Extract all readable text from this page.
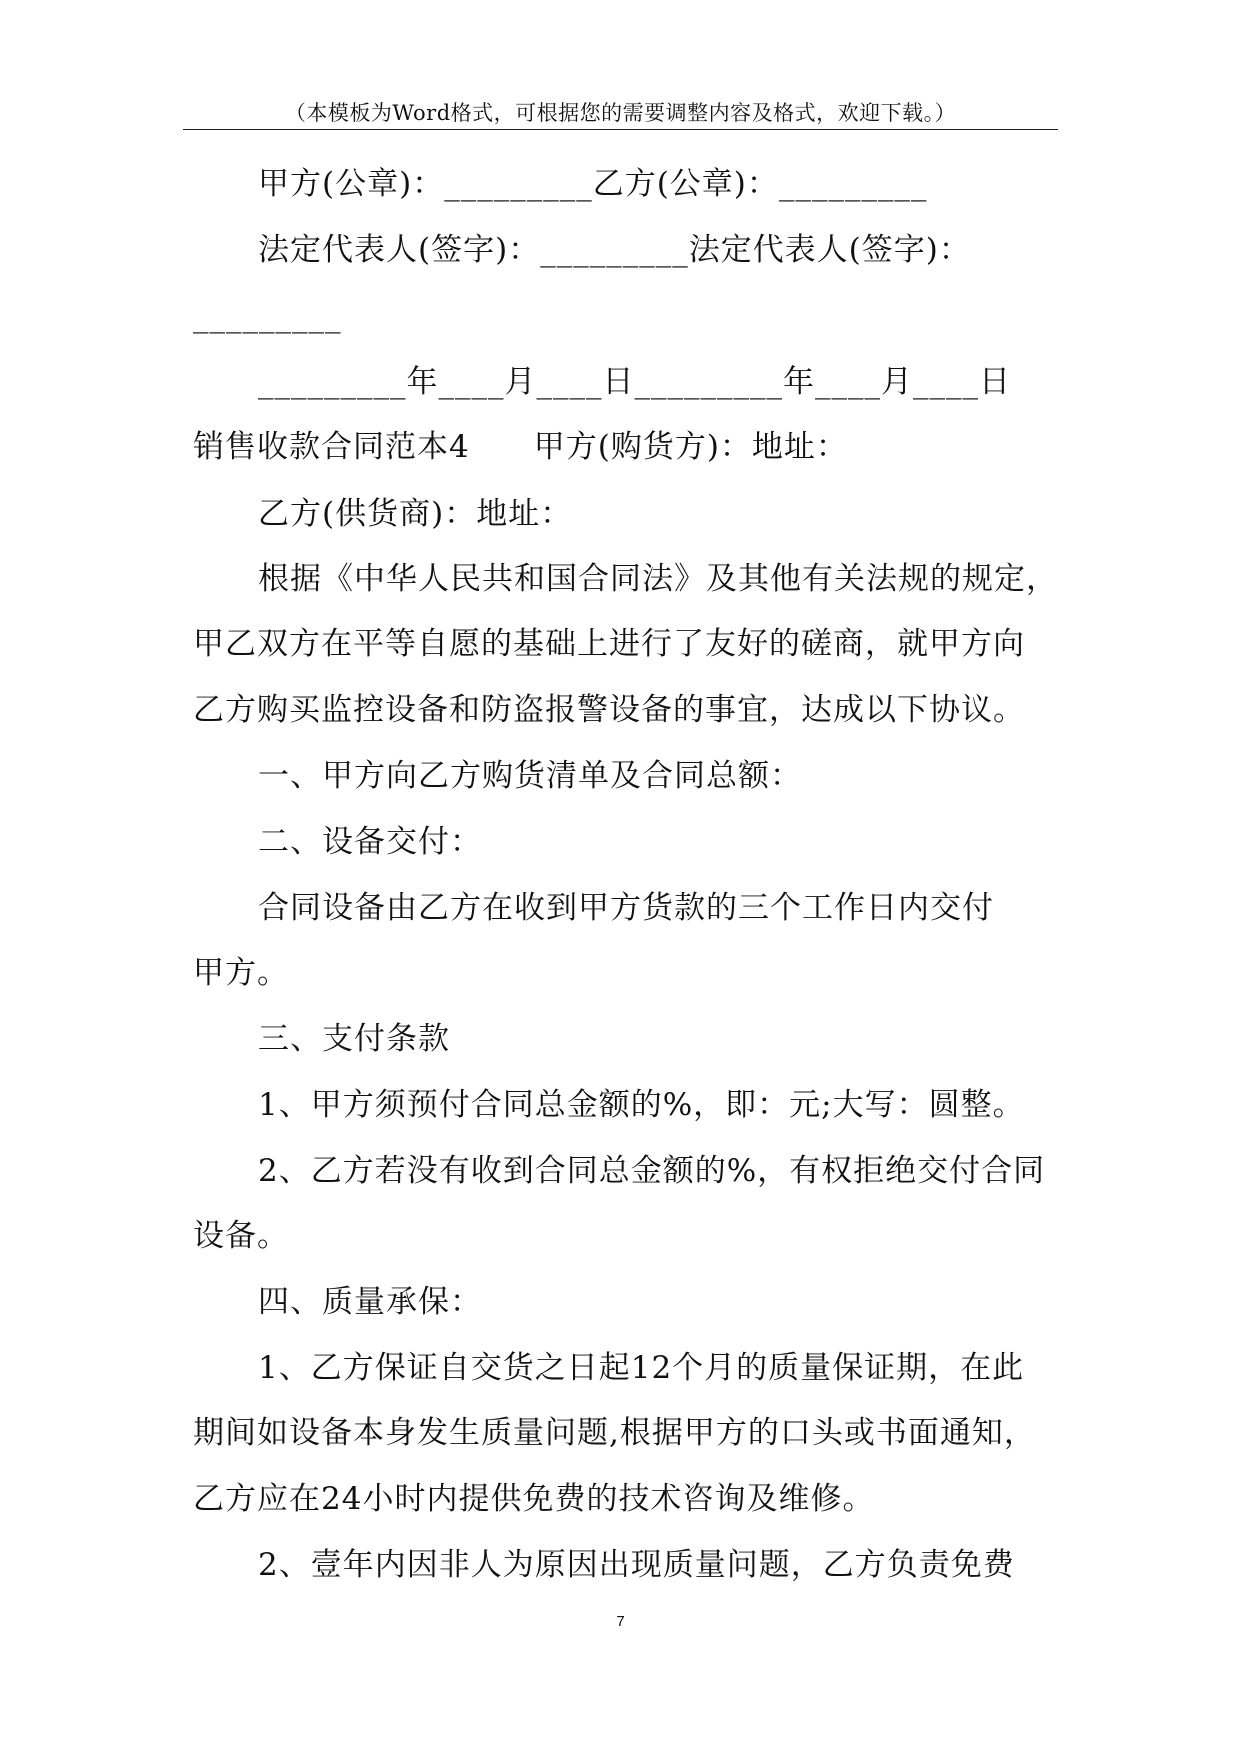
（本模板为Word格式，可根据您的需要调整内容及格式，欢迎下载。）
甲方(公章)：_________乙方(公章)：_________
法定代表人(签字)：_________法定代表人(签字)：
_________
_________年____月____日_________年____月____日
销售收款合同范本4　　甲方(购货方)：地址：
乙方(供货商)：地址：
根据《中华人民共和国合同法》及其他有关法规的规定，
甲乙双方在平等自愿的基础上进行了友好的磋商，就甲方向
乙方购买监控设备和防盗报警设备的事宜，达成以下协议。
一、甲方向乙方购货清单及合同总额：
二、设备交付：
合同设备由乙方在收到甲方货款的三个工作日内交付
甲方。
三、支付条款
1、甲方须预付合同总金额的%，即：元;大写：圆整。
2、乙方若没有收到合同总金额的%，有权拒绝交付合同
设备。
四、质量承保：
1、乙方保证自交货之日起12个月的质量保证期，在此
期间如设备本身发生质量问题,根据甲方的口头或书面通知，
乙方应在24小时内提供免费的技术咨询及维修。
2、壹年内因非人为原因出现质量问题，乙方负责免费
7
